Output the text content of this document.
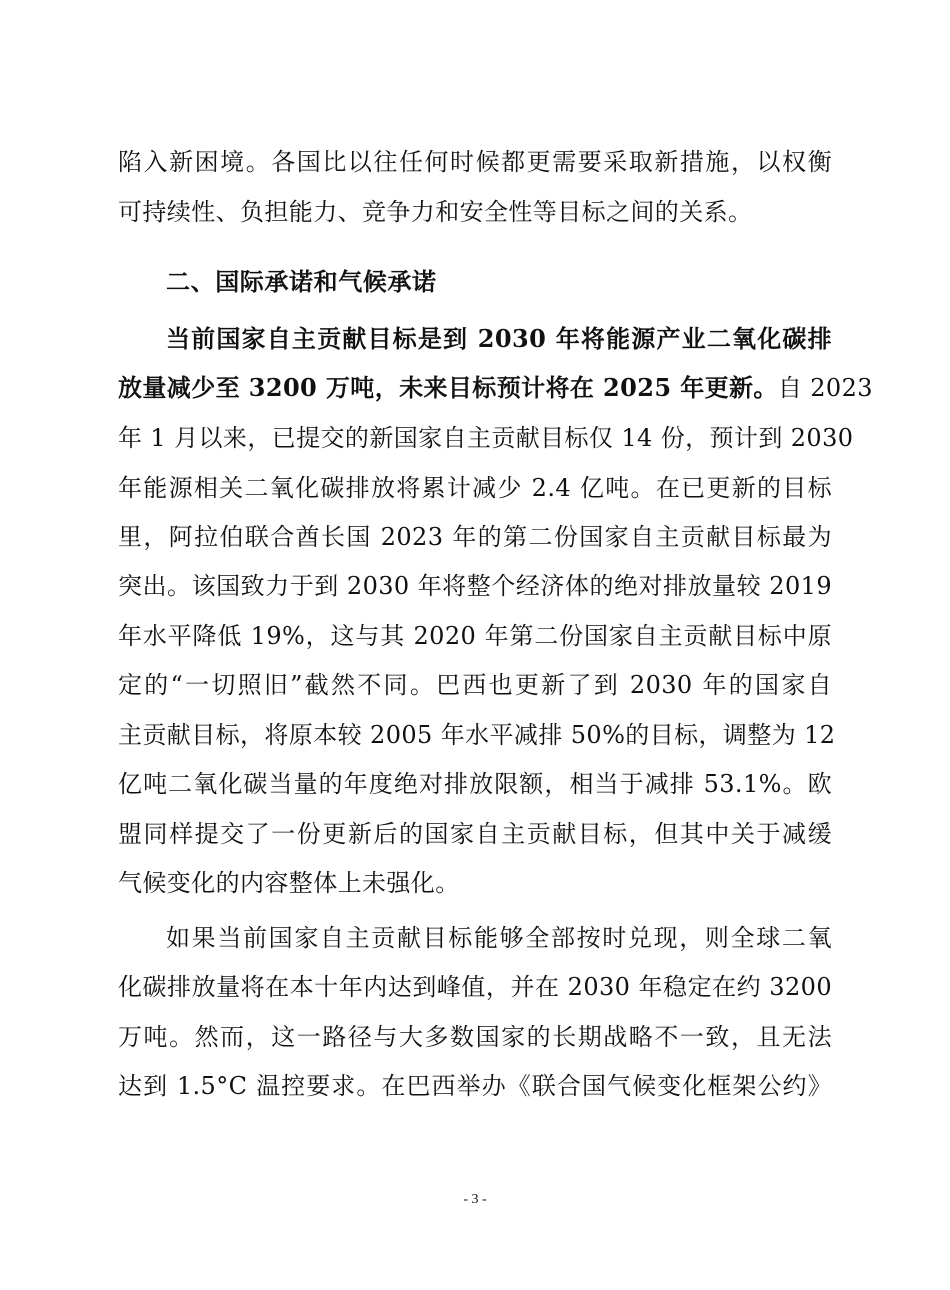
陷入新困境。各国比以往任何时候都更需要采取新措施，以权衡
可持续性、负担能力、竞争力和安全性等目标之间的关系。
二、国际承诺和气候承诺
当前国家自主贡献目标是到 2030 年将能源产业二氧化碳排
放量减少至 3200 万吨，未来目标预计将在 2025 年更新。自 2023
年 1 月以来，已提交的新国家自主贡献目标仅 14 份，预计到 2030
年能源相关二氧化碳排放将累计减少 2.4 亿吨。在已更新的目标
里，阿拉伯联合酋长国 2023 年的第二份国家自主贡献目标最为
突出。该国致力于到 2030 年将整个经济体的绝对排放量较 2019
年水平降低 19%，这与其 2020 年第二份国家自主贡献目标中原
定的“一切照旧”截然不同。巴西也更新了到 2030 年的国家自
主贡献目标，将原本较 2005 年水平减排 50%的目标，调整为 12
亿吨二氧化碳当量的年度绝对排放限额，相当于减排 53.1%。欧
盟同样提交了一份更新后的国家自主贡献目标，但其中关于减缓
气候变化的内容整体上未强化。
如果当前国家自主贡献目标能够全部按时兑现，则全球二氧
化碳排放量将在本十年内达到峰值，并在 2030 年稳定在约 3200
万吨。然而，这一路径与大多数国家的长期战略不一致，且无法
达到 1.5°C 温控要求。在巴西举办《联合国气候变化框架公约》
- 3 -
